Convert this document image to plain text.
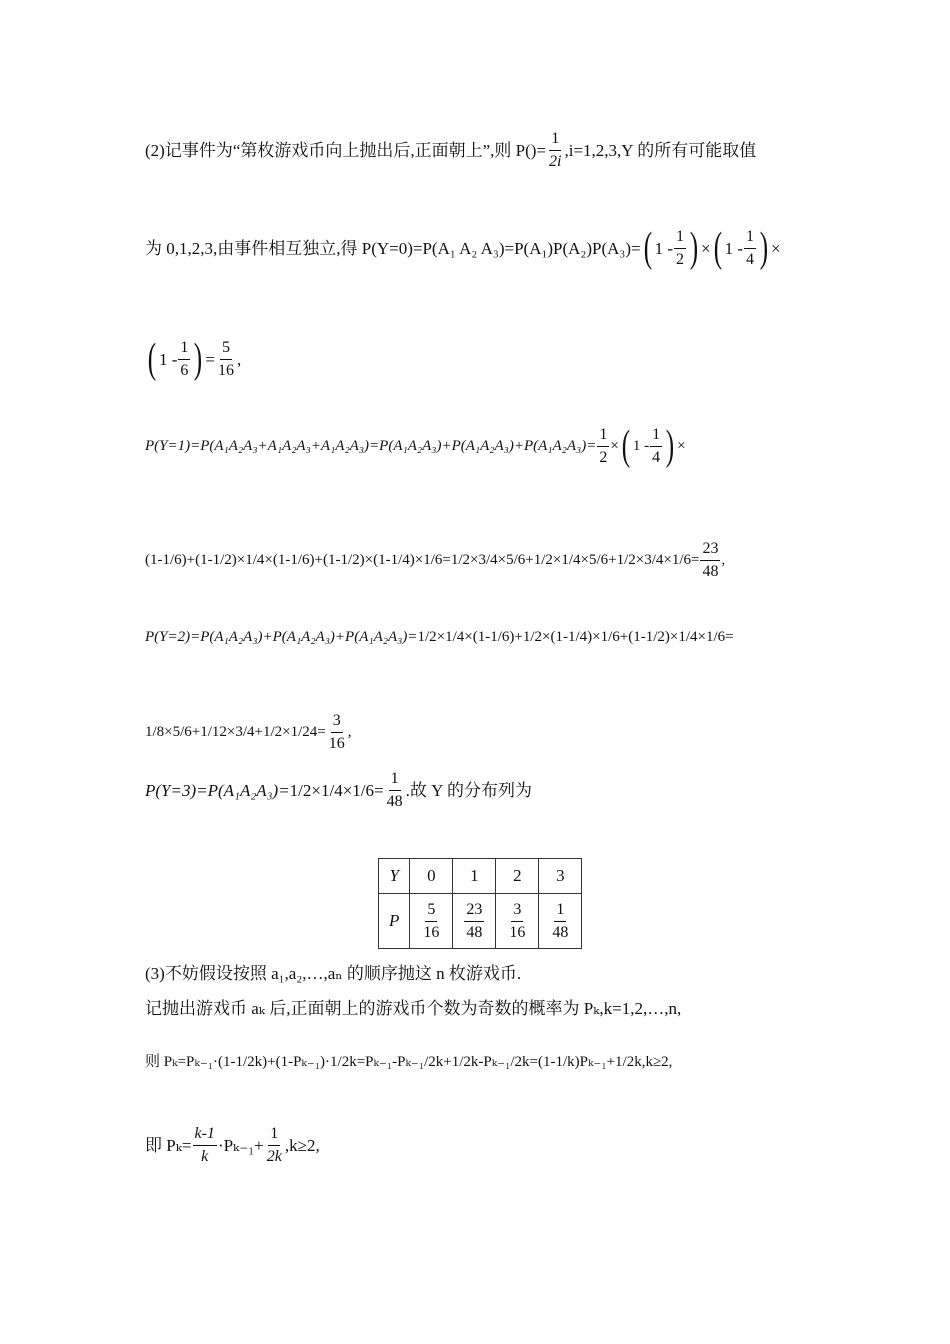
(2)记事件为“第枚游戏币向上抛出后,正面朝上”,则 $P()= \frac{1}{2i} ,i=1,2,3,Y$ 的所有可能取值
为 0,1,2,3,由事件相互独立,得 P(Y=0)=P(A₁ A₂ A₃)=P(A₁)P(A₂)P(A₃)= ( $1 - \frac{1}{2}$
) × ( $1 - \frac{1}{4}$
) ×
( $1 - \frac{1}{6}$
) = $\frac{5}{16}$ ,
$P(Y=1)=P(A_1A_2A_3+A_1A_2A_3+A_1A_2A_3)=P(A_1A_2A_3)+P(A_1A_2A_3)+P(A_1A_2A_3)= \frac{1}{2}$ × ( $1 - \frac{1}{4}$
) ×
$(1-1/6)+(1-1/2)\times 1/4\times(1-1/6)+(1-1/2)\times(1-1/4)\times 1/6=1/2\times 3/4\times 5/6+1/2\times 1/4\times 5/6+1/2\times 3/4\times 1/6= \frac{23}{48}$ ,
P(Y=2)=P(A₁A₂A₃)+P(A₁A₂A₃)+P(A₁A₂A₃)= 1/2×1/4×(1-1/6)+1/2×(1-1/4)×1/6+(1-1/2)×1/4×1/6=
$1/8\times 5/6+1/12\times 3/4+1/2\times 1/24= \frac{3}{16}$ ,
$P(Y=3)=P(A_1A_2A_3)= 1/2\times 1/4\times 1/6= \frac{1}{48}$ .故 Y 的分布列为
Y	0	1	2	3
P	$\frac{5}{16}$	$\frac{23}{48}$	$\frac{3}{16}$	$\frac{1}{48}$
(3)不妨假设按照 a₁,a₂,…,aₙ 的顺序抛这 n 枚游戏币.
记抛出游戏币 aₖ 后,正面朝上的游戏币个数为奇数的概率为 Pₖ,k=1,2,…,n,
则 Pₖ=Pₖ₋₁· (1-1/2k)+(1-Pₖ₋₁)·1/2k=Pₖ₋₁-Pₖ₋₁/2k+1/2k-Pₖ₋₁/2k=(1-1/k)Pₖ₋₁+1/2k,k≥2,
即 $P_k= \frac{k-1}{k} \cdot P_{k-1}+ \frac{1}{2k} ,k\ge 2$,
